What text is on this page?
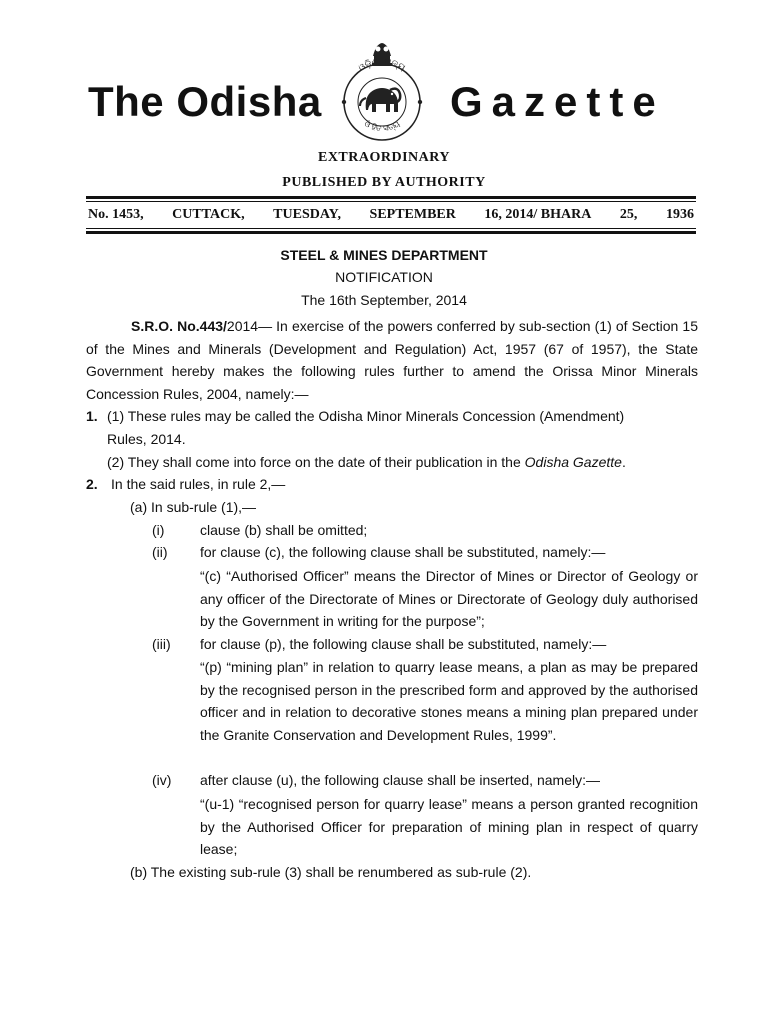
The Odisha
ଓଡ଼ିଶା ରାଜ୍ୟ
ଓଁ ହିତ ସତ୍ୟ Gazette
EXTRAORDINARY
PUBLISHED BY AUTHORITY
No. 1453, CUTTACK, TUESDAY, SEPTEMBER 16, 2014/ BHARA 25, 1936
STEEL & MINES DEPARTMENT
NOTIFICATION
The 16th September, 2014
S.R.O. No.443/2014— In exercise of the powers conferred by sub-section (1) of Section 15 of the Mines and Minerals (Development and Regulation) Act, 1957 (67 of 1957), the State Government hereby makes the following rules further to amend the Orissa Minor Minerals Concession Rules, 2004, namely:—
1. (1) These rules may be called the Odisha Minor Minerals Concession (Amendment)
Rules, 2014.
(2) They shall come into force on the date of their publication in the Odisha Gazette.
2. In the said rules, in rule 2,—
(a) In sub-rule (1),—
(i)	clause (b) shall be omitted;
(ii) for clause (c), the following clause shall be substituted, namely:—
“(c) “Authorised Officer” means the Director of Mines or Director of Geology or any officer of the Directorate of Mines or Directorate of Geology duly authorised by the Government in writing for the purpose”;
(iii) for clause (p), the following clause shall be substituted, namely:—
“(p) “mining plan” in relation to quarry lease means, a plan as may be prepared by the recognised person in the prescribed form and approved by the authorised officer and in relation to decorative stones means a mining plan prepared under the Granite Conservation and Development Rules, 1999”.
(iv) after clause (u), the following clause shall be inserted, namely:—
“(u-1) “recognised person for quarry lease” means a person granted recognition by the Authorised Officer for preparation of mining plan in respect of quarry lease;
(b) The existing sub-rule (3) shall be renumbered as sub-rule (2).
